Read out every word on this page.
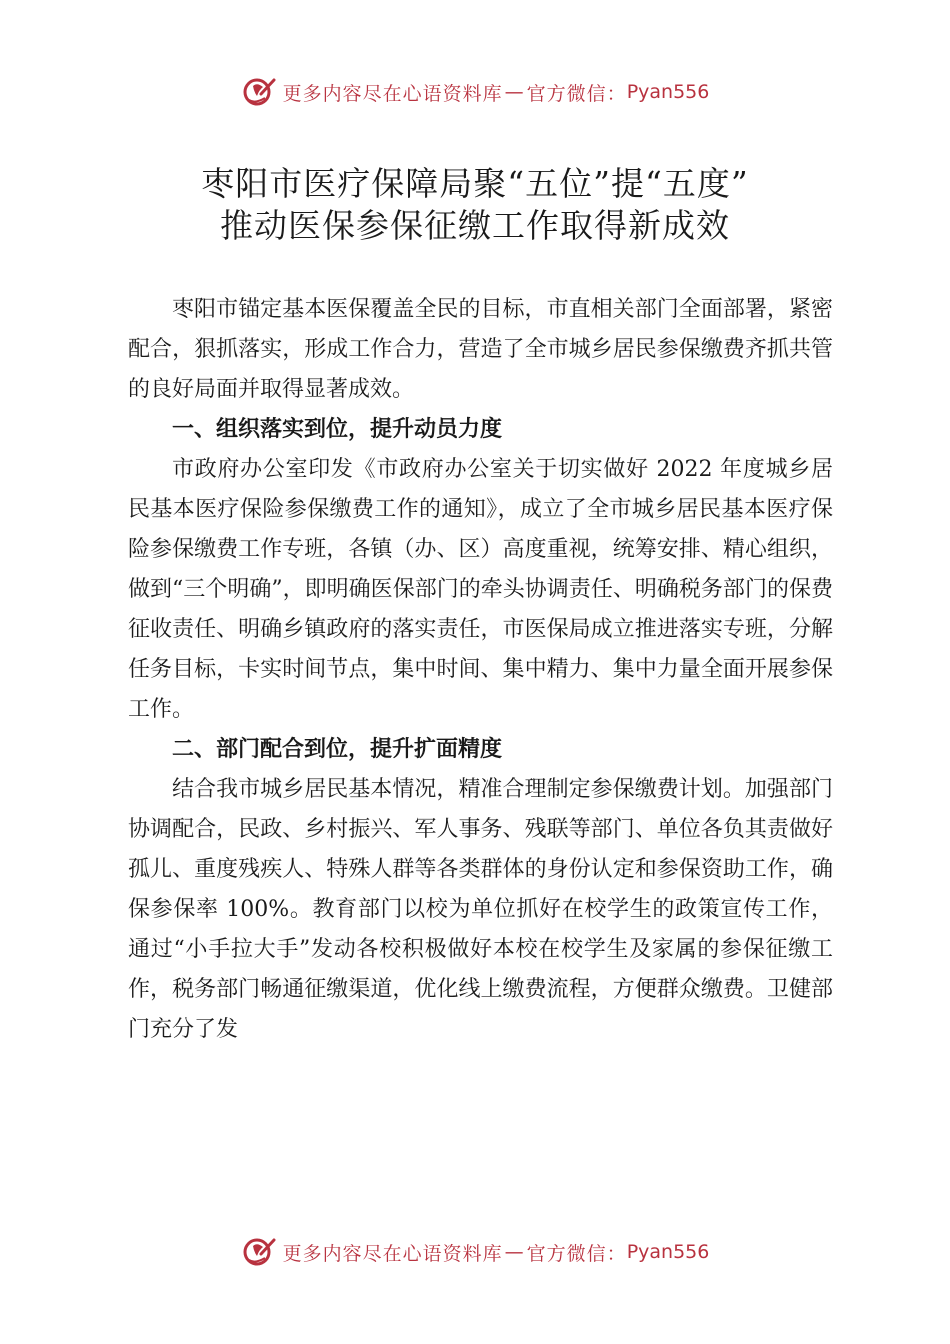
更多内容尽在心语资料库 — 官方微信： Pyan556
枣阳市医疗保障局聚“五位”提“五度”
推动医保参保征缴工作取得新成效

枣阳市锚定基本医保覆盖全民的目标，市直相关部门全面部署，紧密配合，狠抓落实，形成工作合力，营造了全市城乡居民参保缴费齐抓共管的良好局面并取得显著成效。

一、组织落实到位，提升动员力度

市政府办公室印发《市政府办公室关于切实做好 2022 年度城乡居民基本医疗保险参保缴费工作的通知》，成立了全市城乡居民基本医疗保险参保缴费工作专班，各镇（办、区）高度重视，统筹安排、精心组织，做到“三个明确”，即明确医保部门的牵头协调责任、明确税务部门的保费征收责任、明确乡镇政府的落实责任，市医保局成立推进落实专班，分解任务目标，卡实时间节点，集中时间、集中精力、集中力量全面开展参保工作。

二、部门配合到位，提升扩面精度

结合我市城乡居民基本情况，精准合理制定参保缴费计划。加强部门协调配合，民政、乡村振兴、军人事务、残联等部门、单位各负其责做好孤儿、重度残疾人、特殊人群等各类群体的身份认定和参保资助工作，确保参保率 100%。教育部门以校为单位抓好在校学生的政策宣传工作，通过“小手拉大手”发动各校积极做好本校在校学生及家属的参保征缴工作，税务部门畅通征缴渠道，优化线上缴费流程，方便群众缴费。卫健部门充分了发

更多内容尽在心语资料库 — 官方微信： Pyan556
